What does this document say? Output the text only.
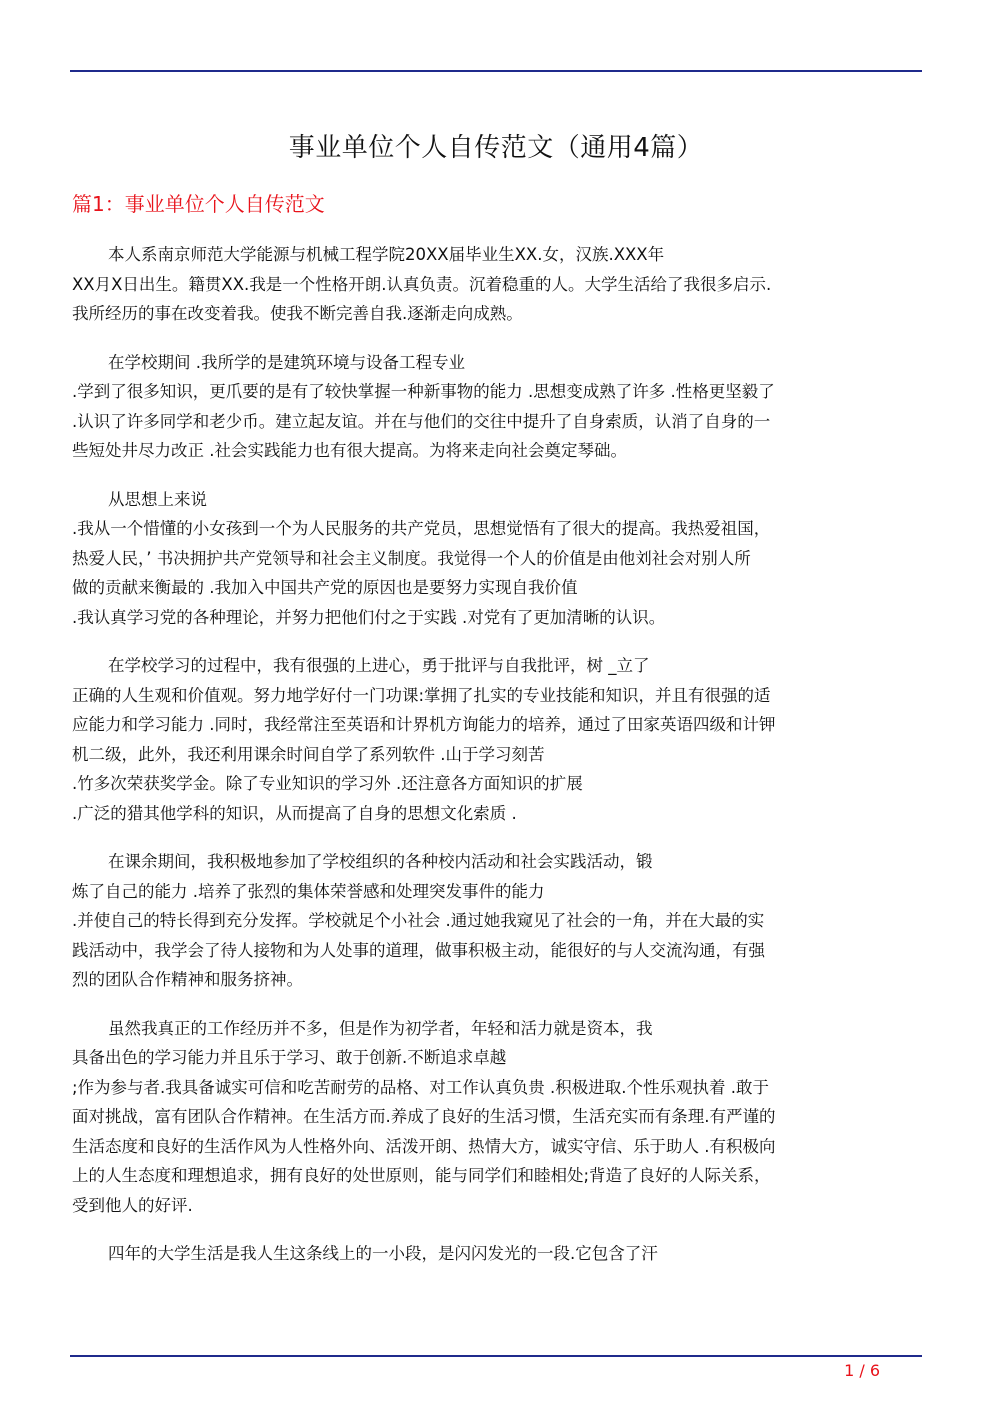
事业单位个人自传范文（通用4篇）
篇1：事业单位个人自传范文
本人系南京师范大学能源与机械工程学院20XX届毕业生XX.女，汉族.XXX年
XX月X日出生。籍贯XX.我是一个性格开朗.认真负责。沉着稳重的人。大学生活给了我很多启示.
我所经历的事在改变着我。使我不断完善自我.逐渐走向成熟。
在学校期间 .我所学的是建筑环境与设备工程专业
.学到了很多知识，更爪要的是有了较快掌握一种新事物的能力 .思想变成熟了许多 .性格更坚毅了
.认识了许多同学和老少币。建立起友谊。并在与他们的交往中提升了自身索质，认消了自身的一
些短处井尽力改正 .社会实践能力也有很大提高。为将来走向社会奠定琴础。
从思想上来说
.我从一个惜懂的小女孩到一个为人民服务的共产党员，思想觉悟有了很大的提高。我热爱祖国，
热爱人民，’ 书决拥护共产党领导和社会主义制度。我觉得一个人的价值是由他刘社会对别人所
做的贡献来衡最的 .我加入中国共产党的原因也是要努力实现自我价值
.我认真学习党的各种理论，并努力把他们付之于实践 .对党有了更加清晰的认识。
在学校学习的过程中，我有很强的上进心，勇于批评与自我批评，树 _立了
正确的人生观和价值观。努力地学好付一门功课:掌拥了扎实的专业技能和知识，并且有很强的适
应能力和学习能力 .同时，我经常注至英语和计界机方询能力的培养，通过了田家英语四级和计钾
机二级，此外，我还利用课余时间自学了系列软件 .山于学习刻苦
.竹多次荣获奖学金。除了专业知识的学习外 .还注意各方面知识的扩展
.广泛的猎其他学科的知识，从而提高了自身的思想文化索质 .
在课余期间，我积极地参加了学校组织的各种校内活动和社会实践活动，锻
炼了自己的能力 .培养了张烈的集体荣誉感和处理突发事件的能力
.并使自己的特长得到充分发挥。学校就足个小社会 .通过她我窥见了社会的一角，并在大最的实
践活动中，我学会了待人接物和为人处事的道理，做事积极主动，能很好的与人交流沟通，有强
烈的团队合作精神和服务挤神。
虽然我真正的工作经历并不多，但是作为初学者，年轻和活力就是资本，我
具备出色的学习能力并且乐于学习、敢于创新.不断追求卓越
;作为参与者.我具备诚实可信和吃苦耐劳的品格、对工作认真负贵 .积极进取.个性乐观执着 .敢于
面对挑战，富有团队合作精神。在生活方而.养成了良好的生活习惯，生活充实而有条理.有严谨的
生活态度和良好的生活作风为人性格外向、活泼开朗、热情大方，诚实守信、乐于助人 .有积极向
上的人生态度和理想追求，拥有良好的处世原则，能与同学们和睦相处;背造了良好的人际关系，
受到他人的好评.
四年的大学生活是我人生这条线上的一小段，是闪闪发光的一段.它包含了汗
1 / 6
